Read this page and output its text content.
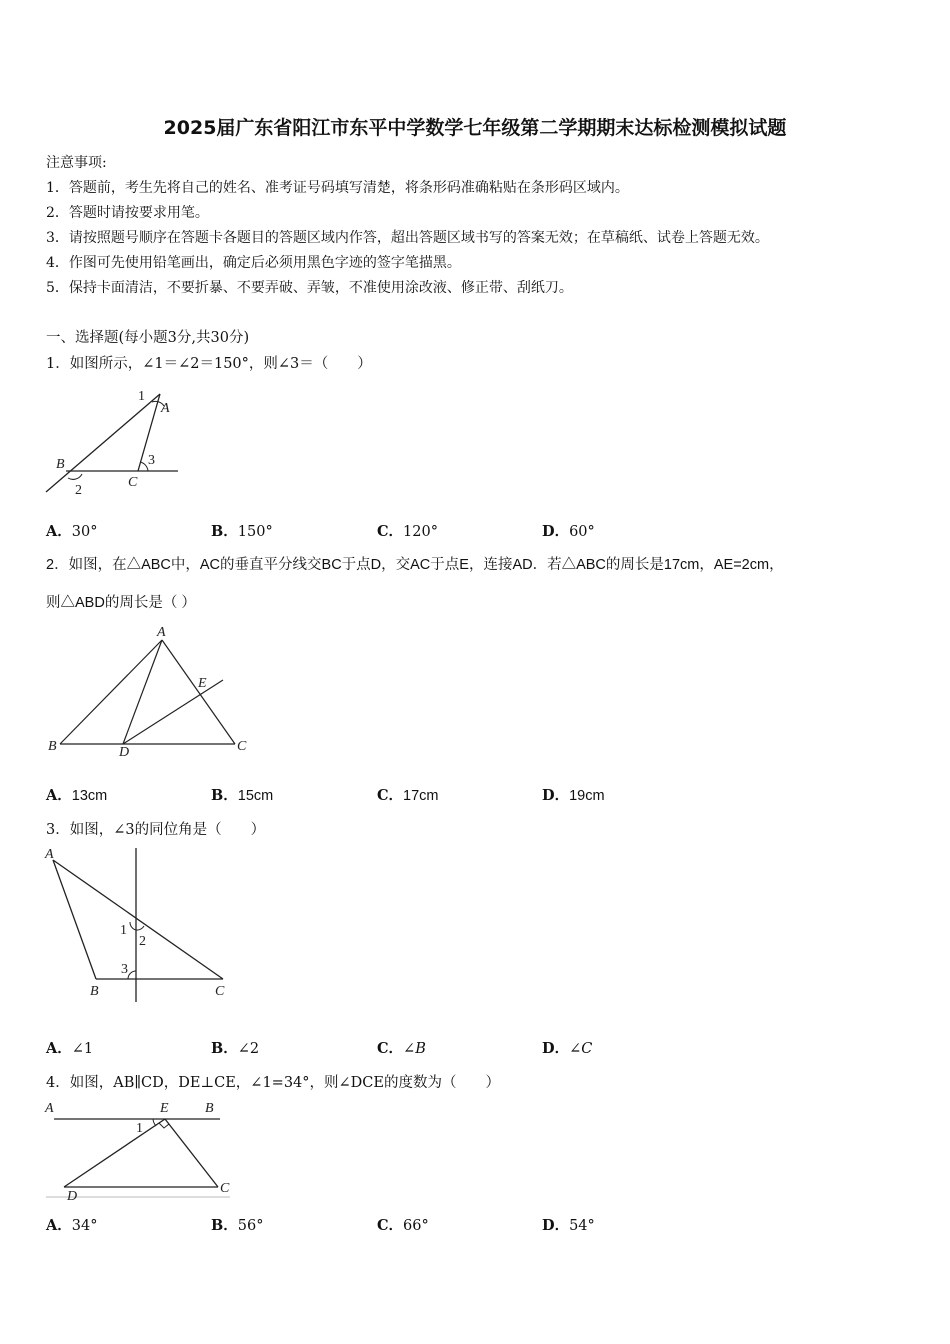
2025届广东省阳江市东平中学数学七年级第二学期期末达标检测模拟试题
注意事项:
1．答题前，考生先将自己的姓名、准考证号码填写清楚，将条形码准确粘贴在条形码区域内。
2．答题时请按要求用笔。
3．请按照题号顺序在答题卡各题目的答题区域内作答，超出答题区域书写的答案无效；在草稿纸、试卷上答题无效。
4．作图可先使用铅笔画出，确定后必须用黑色字迹的签字笔描黑。
5．保持卡面清洁，不要折暴、不要弄破、弄皱，不准使用涂改液、修正带、刮纸刀。
一、选择题(每小题3分,共30分)
1．如图所示，∠1＝∠2＝150°，则∠3＝（　　）
1
A
B
2
C
3
A．30°	B．150°	C．120°	D．60°
2．如图，在△ABC中，AC的垂直平分线交BC于点D，交AC于点E，连接AD．若△ABC的周长是17cm，AE=2cm，
则△ABD的周长是（ ）
A
B	D
E
C
A．13cm	B．15cm	C．17cm	D．19cm
3．如图，∠3的同位角是（　　）
A
1
2
3
B	C
A．∠1	B．∠2	C．∠B	D．∠C
4．如图，AB∥CD，DE⊥CE，∠1=34°，则∠DCE的度数为（　　）
A	E	B
1
D
C
A．34°	B．56°	C．66°	D．54°
